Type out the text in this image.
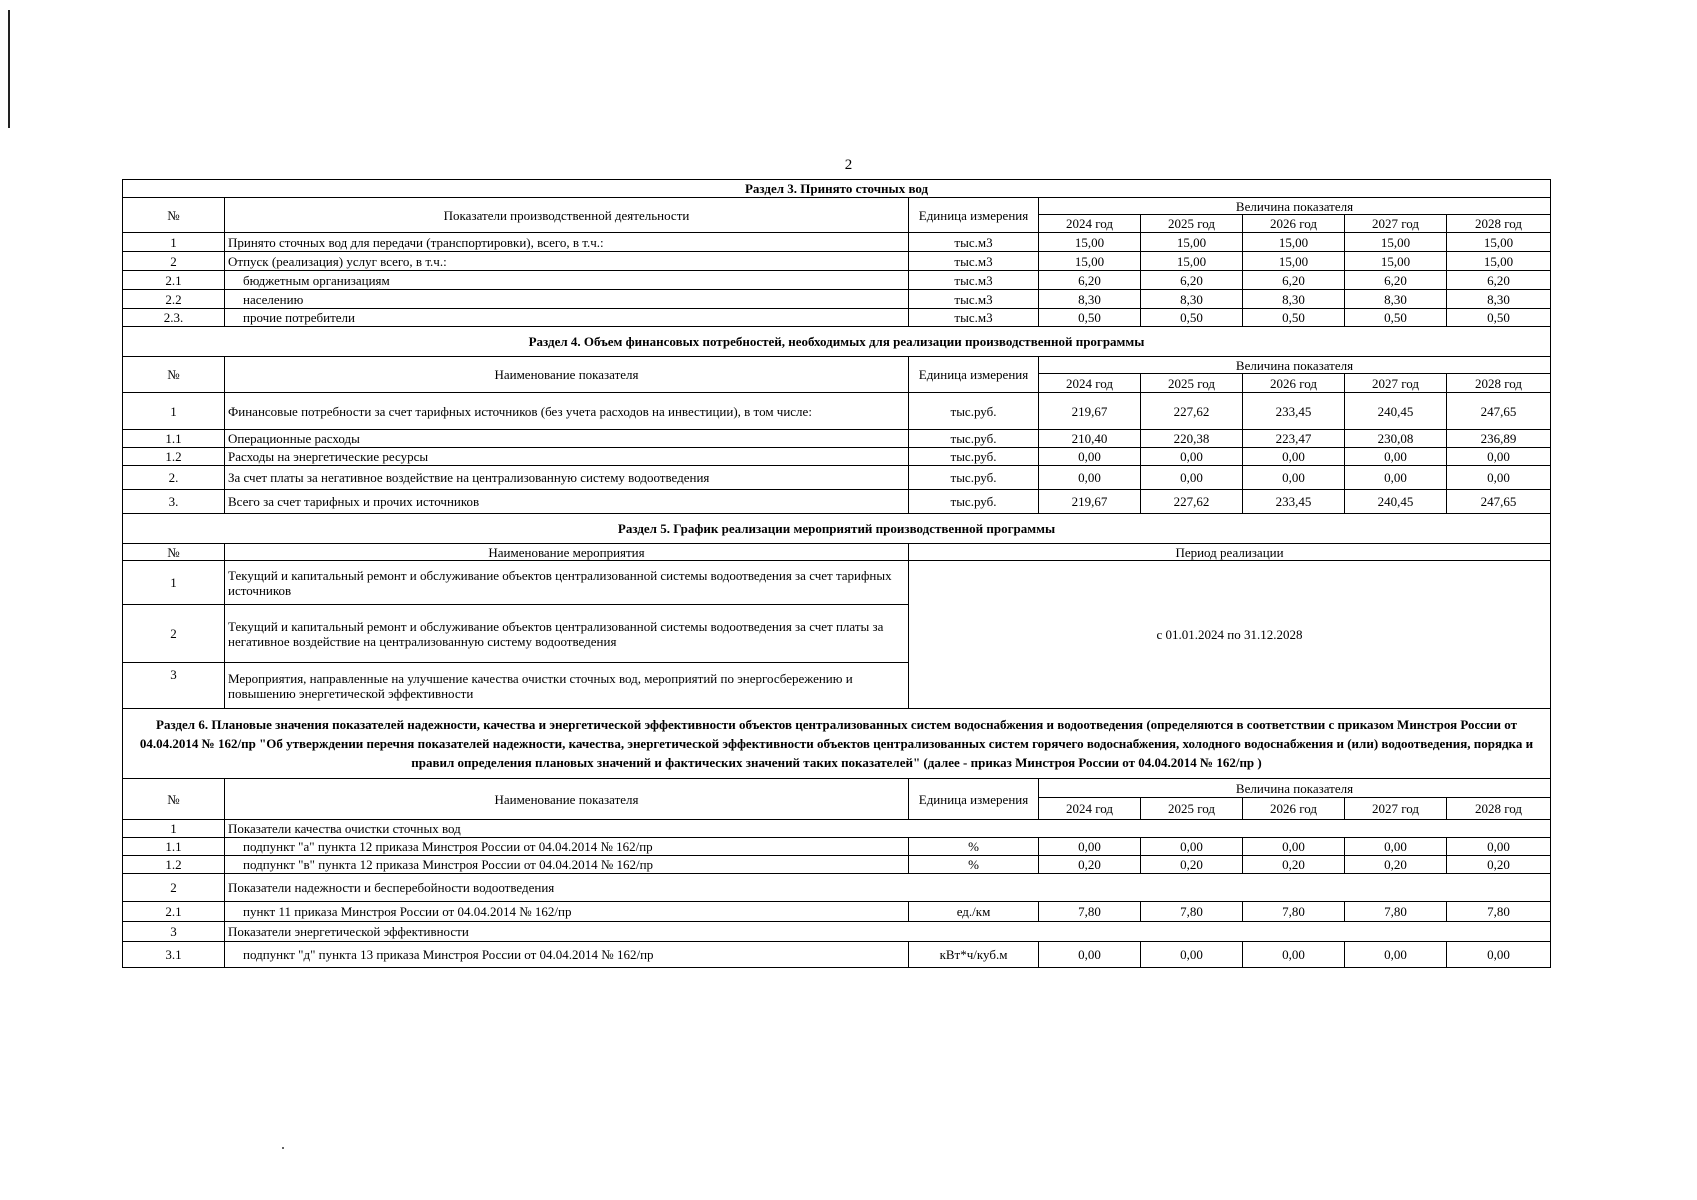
2
Раздел 3. Принято сточных вод							
№	Показатели производственной деятельности	Единица измерения	Величина показателя				
			2024 год	2025 год	2026 год	2027 год	2028 год
1	Принято сточных вод для передачи (транспортировки), всего, в т.ч.:	тыс.м3	15,00	15,00	15,00	15,00	15,00
2	Отпуск (реализация) услуг всего, в т.ч.:	тыс.м3	15,00	15,00	15,00	15,00	15,00
2.1	бюджетным организациям	тыс.м3	6,20	6,20	6,20	6,20	6,20
2.2	населению	тыс.м3	8,30	8,30	8,30	8,30	8,30
2.3.	прочие потребители	тыс.м3	0,50	0,50	0,50	0,50	0,50
Раздел 4. Объем финансовых потребностей, необходимых для реализации производственной программы							
№	Наименование показателя	Единица измерения	Величина показателя				
			2024 год	2025 год	2026 год	2027 год	2028 год
1	Финансовые потребности за счет тарифных источников (без учета расходов на инвестиции), в том числе:	тыс.руб.	219,67	227,62	233,45	240,45	247,65
1.1	Операционные расходы	тыс.руб.	210,40	220,38	223,47	230,08	236,89
1.2	Расходы на энергетические ресурсы	тыс.руб.	0,00	0,00	0,00	0,00	0,00
2.	За счет платы за негативное воздействие на централизованную систему водоотведения	тыс.руб.	0,00	0,00	0,00	0,00	0,00
3.	Всего за счет тарифных и прочих источников	тыс.руб.	219,67	227,62	233,45	240,45	247,65
Раздел 5. График реализации мероприятий производственной программы							
№	Наименование мероприятия	Период реализации					
1	Текущий и капитальный ремонт и обслуживание объектов централизованной системы водоотведения за счет тарифных источников	с 01.01.2024 по 31.12.2028					
2	Текущий и капитальный ремонт и обслуживание объектов централизованной системы водоотведения за счет платы за негативное воздействие на централизованную систему водоотведения						
3	Мероприятия, направленные на улучшение качества очистки сточных вод, мероприятий по энергосбережению и повышению энергетической эффективности						
Раздел 6. Плановые значения показателей надежности, качества и энергетической эффективности объектов централизованных систем водоснабжения и водоотведения (определяются в соответствии с приказом Минстроя России от 04.04.2014 № 162/пр "Об утверждении перечня показателей надежности, качества, энергетической эффективности объектов централизованных систем горячего водоснабжения, холодного водоснабжения и (или) водоотведения, порядка и правил определения плановых значений и фактических значений таких показателей" (далее - приказ Минстроя России от 04.04.2014 № 162/пр )							
№	Наименование показателя	Единица измерения	Величина показателя				
			2024 год	2025 год	2026 год	2027 год	2028 год
1	Показатели качества очистки сточных вод						
1.1	подпункт "а" пункта 12 приказа Минстроя России от 04.04.2014 № 162/пр	%	0,00	0,00	0,00	0,00	0,00
1.2	подпункт "в" пункта 12 приказа Минстроя России от 04.04.2014 № 162/пр	%	0,20	0,20	0,20	0,20	0,20
2	Показатели надежности и бесперебойности водоотведения						
2.1	пункт 11 приказа Минстроя России от 04.04.2014 № 162/пр	ед./км	7,80	7,80	7,80	7,80	7,80
3	Показатели энергетической эффективности						
3.1	подпункт "д" пункта 13 приказа Минстроя России от 04.04.2014 № 162/пр	кВт*ч/куб.м	0,00	0,00	0,00	0,00	0,00
